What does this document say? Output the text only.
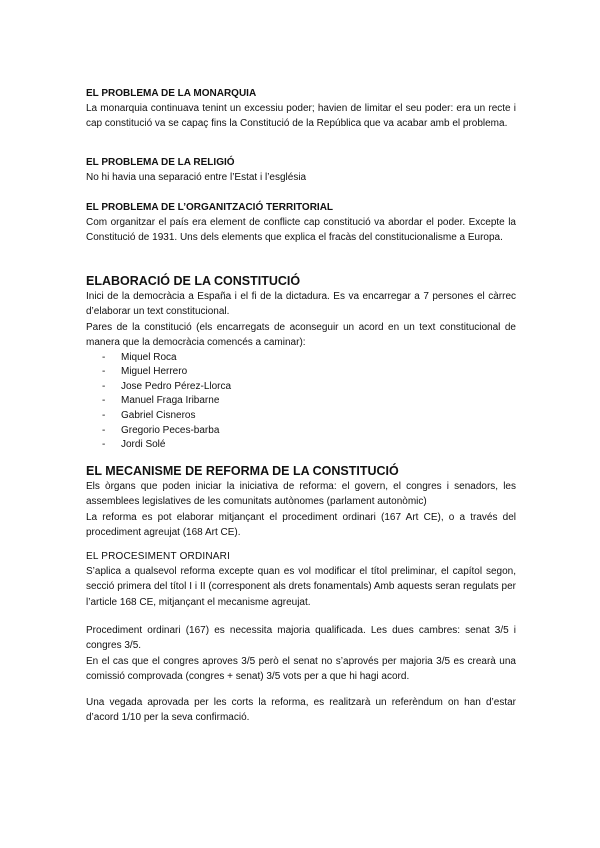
EL PROBLEMA DE LA MONARQUIA

La monarquia continuava tenint un excessiu poder; havien de limitar el seu poder: era un recte i cap constitució va se capaç fins la Constitució de la República que va acabar amb el problema.

EL PROBLEMA DE LA RELIGIÓ

No hi havia una separació entre l’Estat i l’església

EL PROBLEMA DE L’ORGANITZACIÓ TERRITORIAL

Com organitzar el país era element de conflicte cap constitució va abordar el poder. Excepte la Constitució de 1931. Uns dels elements que explica el fracàs del constitucionalisme a Europa.

ELABORACIÓ DE LA CONSTITUCIÓ

Inici de la democràcia a España i el fi de la dictadura. Es va encarregar a 7 persones el càrrec d’elaborar un text constitucional.

Pares de la constitució (els encarregats de aconseguir un acord en un text constitucional de manera que la democràcia comencés a caminar):

- Miquel Roca
- Miguel Herrero
- Jose Pedro Pérez-Llorca
- Manuel Fraga Iribarne
- Gabriel Cisneros
- Gregorio Peces-barba
- Jordi Solé

EL MECANISME DE REFORMA DE LA CONSTITUCIÓ

Els òrgans que poden iniciar la iniciativa de reforma: el govern, el congres i senadors, les assemblees legislatives de les comunitats autònomes (parlament autonòmic)

La reforma es pot elaborar mitjançant el procediment ordinari (167 Art CE), o a través del procediment agreujat (168 Art CE).

EL PROCESIMENT ORDINARI

S’aplica a qualsevol reforma excepte quan es vol modificar el títol preliminar, el capítol segon, secció primera del títol I i II (corresponent als drets fonamentals) Amb aquests seran regulats per l’article 168 CE, mitjançant el mecanisme agreujat.

Procediment ordinari (167) es necessita majoria qualificada. Les dues cambres: senat 3/5 i congres 3/5.

En el cas que el congres aproves 3/5 però el senat no s’aprovés per majoria 3/5 es crearà una comissió comprovada (congres + senat) 3/5 vots per a que hi hagi acord.

Una vegada aprovada per les corts la reforma, es realitzarà un referèndum on han d’estar d’acord 1/10 per la seva confirmació.
